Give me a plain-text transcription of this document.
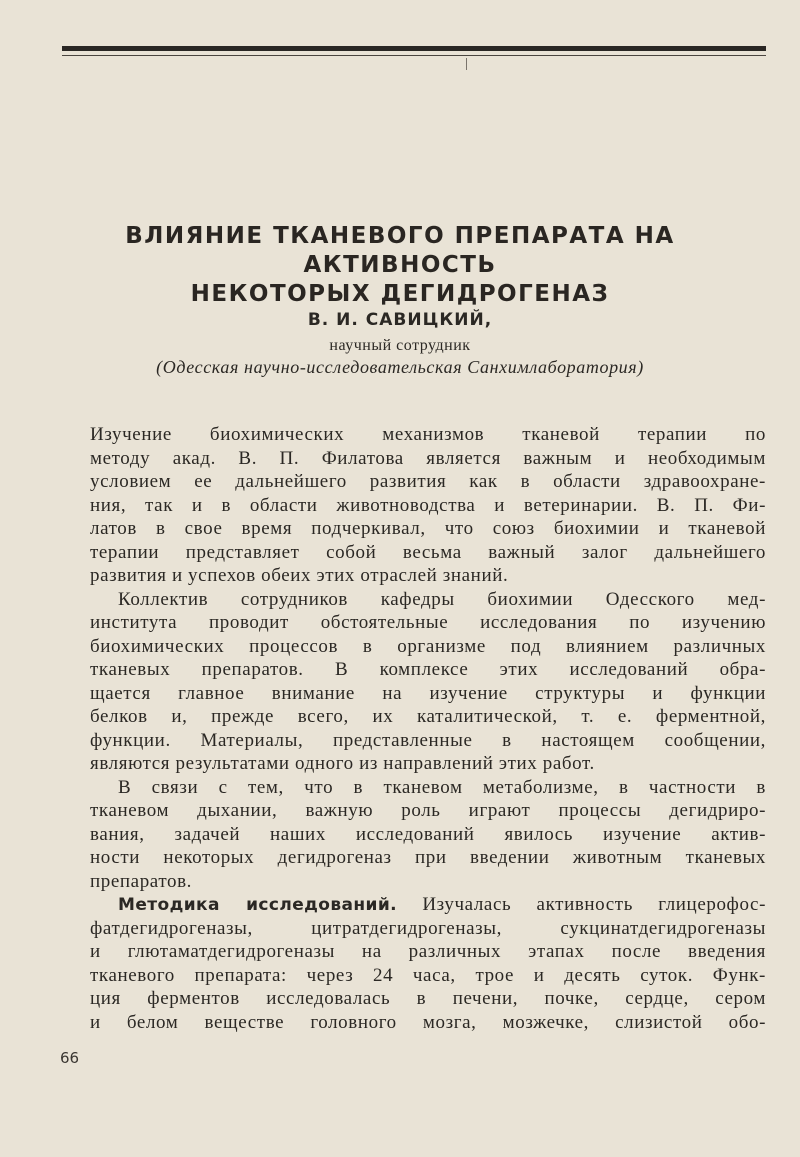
ВЛИЯНИЕ ТКАНЕВОГО ПРЕПАРАТА НА АКТИВНОСТЬ
НЕКОТОРЫХ ДЕГИДРОГЕНАЗ
В. И. САВИЦКИЙ,
научный сотрудник
(Одесская научно-исследовательская Санхимлаборатория)
Изучение биохимических механизмов тканевой терапии по
методу акад. В. П. Филатова является важным и необходимым
условием ее дальнейшего развития как в области здравоохране-
ния, так и в области животноводства и ветеринарии. В. П. Фи-
латов в свое время подчеркивал, что союз биохимии и тканевой
терапии представляет собой весьма важный залог дальнейшего
развития и успехов обеих этих отраслей знаний.
Коллектив сотрудников кафедры биохимии Одесского мед-
института проводит обстоятельные исследования по изучению
биохимических процессов в организме под влиянием различных
тканевых препаратов. В комплексе этих исследований обра-
щается главное внимание на изучение структуры и функции
белков и, прежде всего, их каталитической, т. е. ферментной,
функции. Материалы, представленные в настоящем сообщении,
являются результатами одного из направлений этих работ.
В связи с тем, что в тканевом метаболизме, в частности в
тканевом дыхании, важную роль играют процессы дегидриро-
вания, задачей наших исследований явилось изучение актив-
ности некоторых дегидрогеназ при введении животным тканевых
препаратов.
Методика исследований. Изучалась активность глицерофос-
фатдегидрогеназы, цитратдегидрогеназы, сукцинатдегидрогеназы
и глютаматдегидрогеназы на различных этапах после введения
тканевого препарата: через 24 часа, трое и десять суток. Функ-
ция ферментов исследовалась в печени, почке, сердце, сером
и белом веществе головного мозга, мозжечке, слизистой обо-
66
